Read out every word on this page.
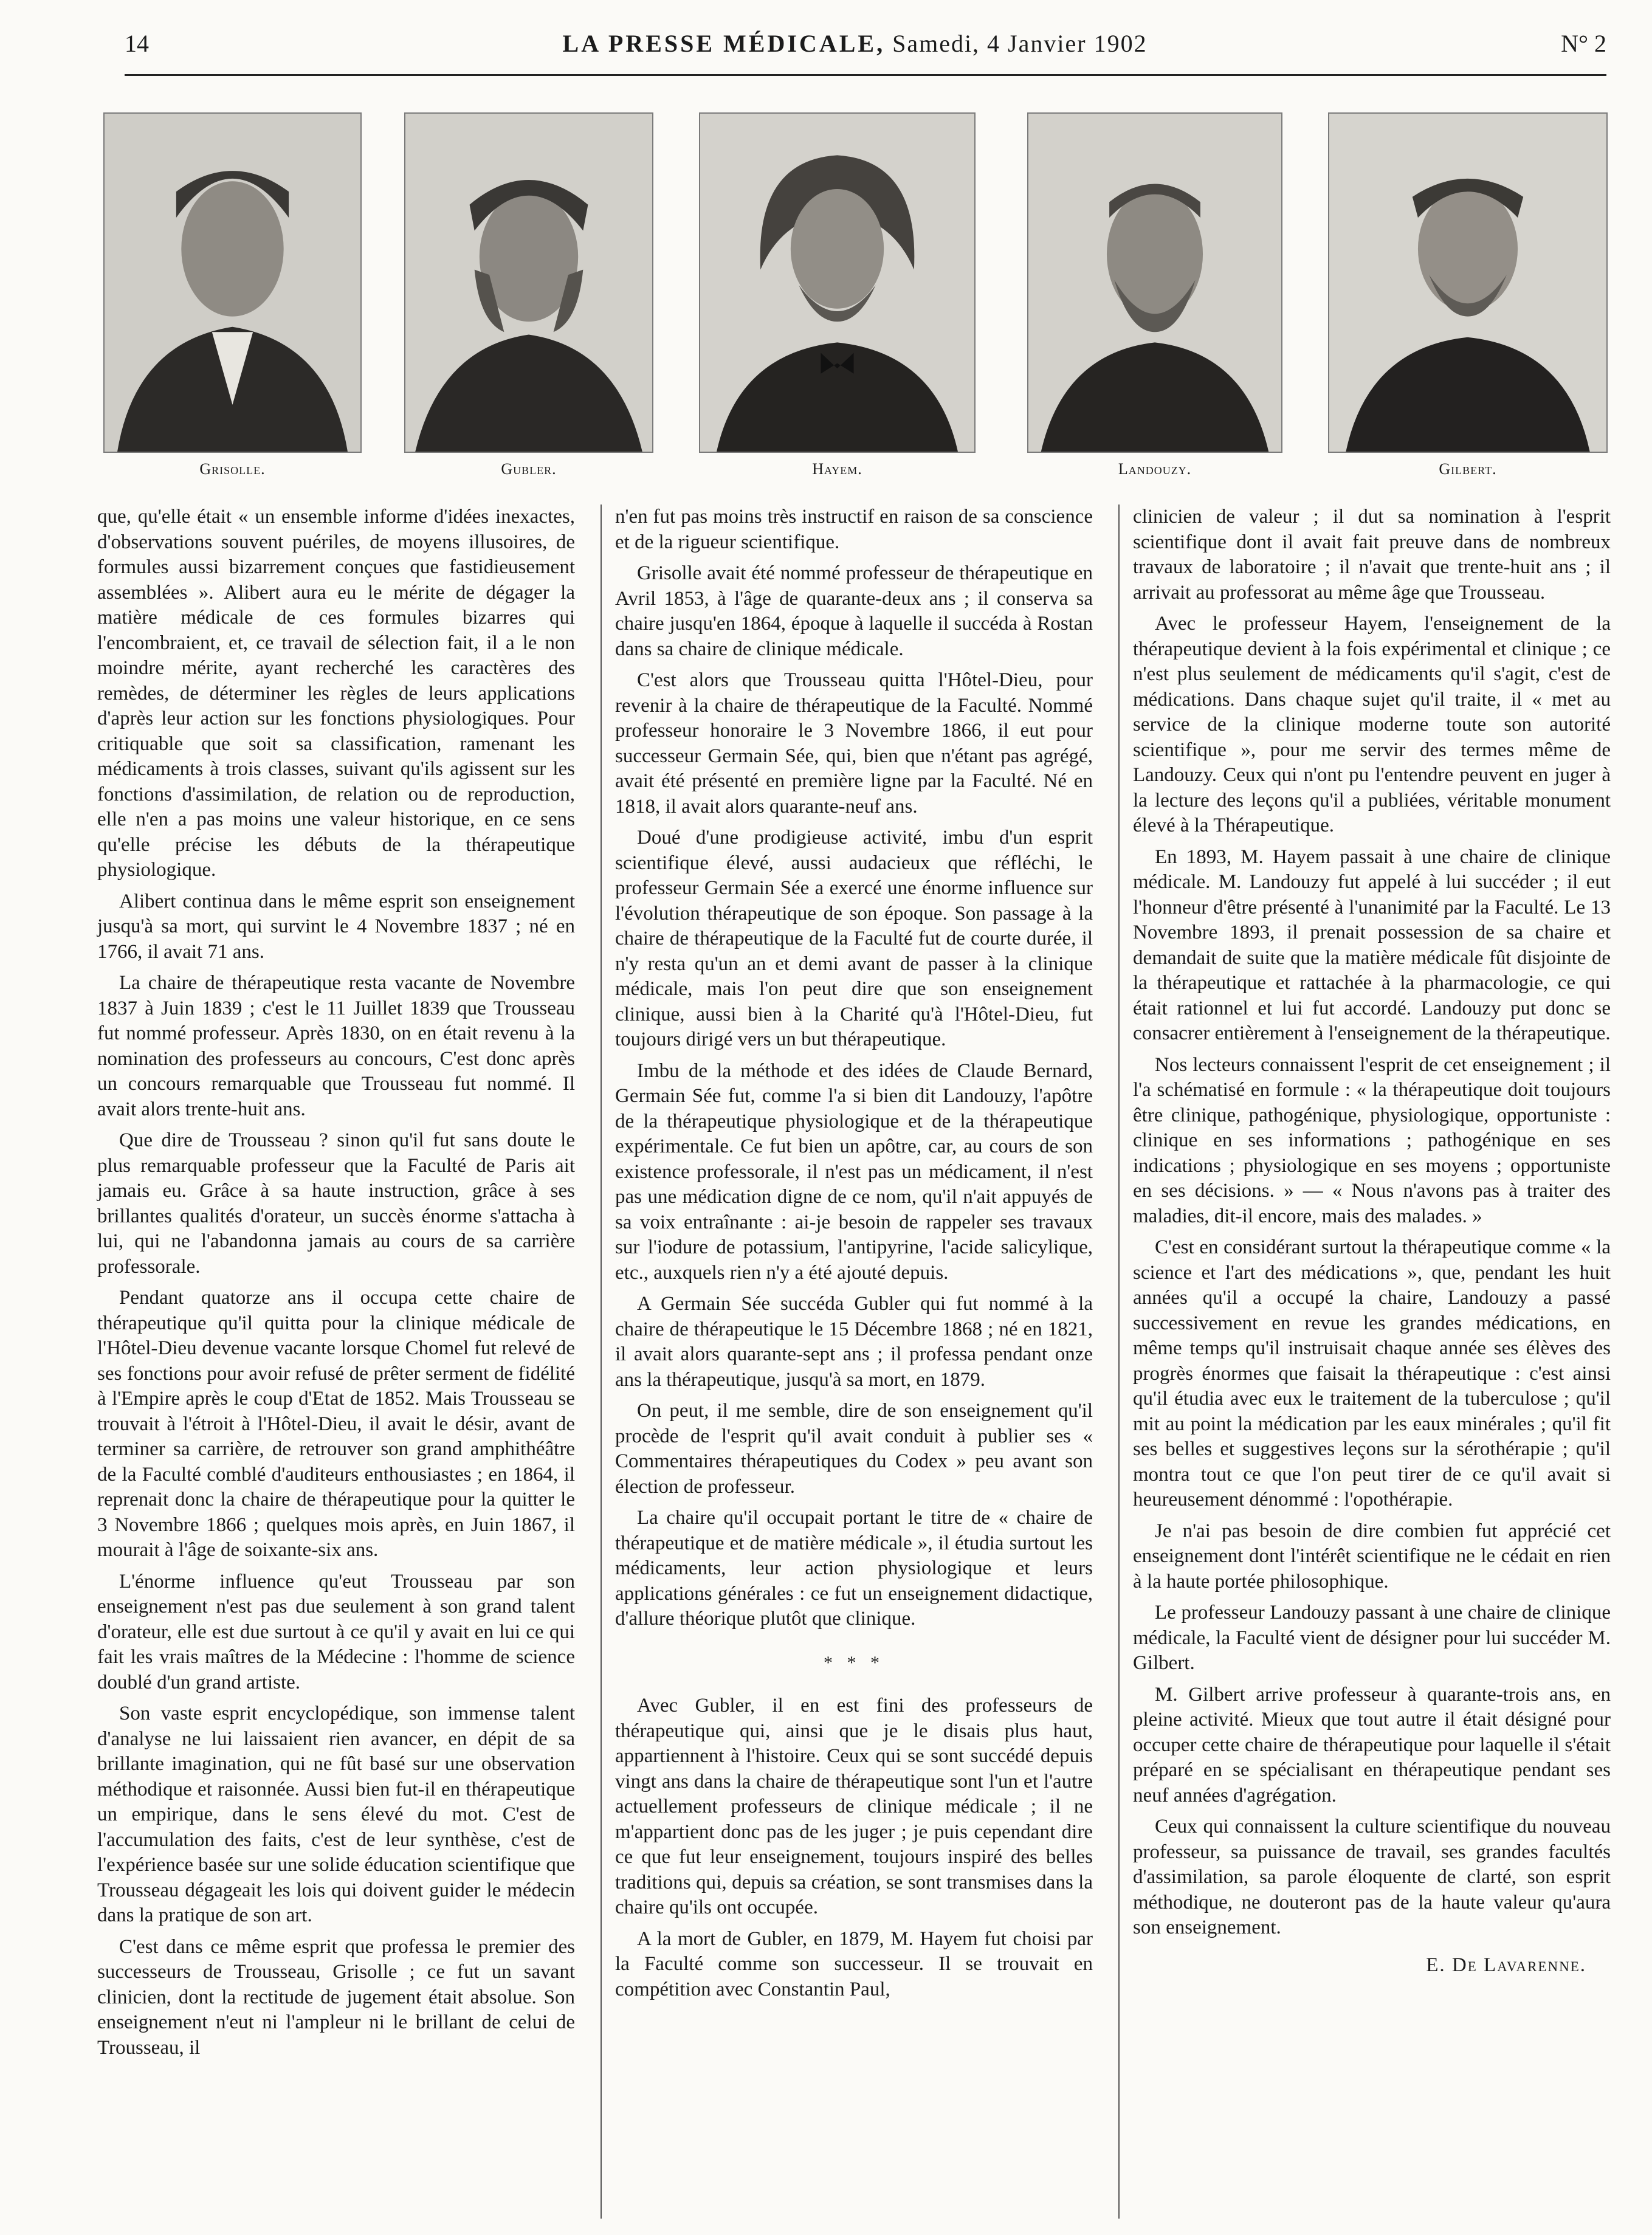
14	LA PRESSE MÉDICALE, Samedi, 4 Janvier 1902	N° 2
Grisolle.	Gubler.	Hayem.	Landouzy.	Gilbert.

que, qu'elle était « un ensemble informe d'idées inexactes, d'observations souvent puériles, de moyens illusoires, de formules aussi bizarrement conçues que fastidieusement assemblées ». Alibert aura eu le mérite de dégager la matière médicale de ces formules bizarres qui l'encombraient, et, ce travail de sélection fait, il a le non moindre mérite, ayant recherché les caractères des remèdes, de déterminer les règles de leurs applications d'après leur action sur les fonctions physiologiques. Pour critiquable que soit sa classification, ramenant les médicaments à trois classes, suivant qu'ils agissent sur les fonctions d'assimilation, de relation ou de reproduction, elle n'en a pas moins une valeur historique, en ce sens qu'elle précise les débuts de la thérapeutique physiologique.

Alibert continua dans le même esprit son enseignement jusqu'à sa mort, qui survint le 4 Novembre 1837 ; né en 1766, il avait 71 ans.

La chaire de thérapeutique resta vacante de Novembre 1837 à Juin 1839 ; c'est le 11 Juillet 1839 que Trousseau fut nommé professeur. Après 1830, on en était revenu à la nomination des professeurs au concours, C'est donc après un concours remarquable que Trousseau fut nommé. Il avait alors trente-huit ans.

Que dire de Trousseau ? sinon qu'il fut sans doute le plus remarquable professeur que la Faculté de Paris ait jamais eu. Grâce à sa haute instruction, grâce à ses brillantes qualités d'orateur, un succès énorme s'attacha à lui, qui ne l'abandonna jamais au cours de sa carrière professorale.

Pendant quatorze ans il occupa cette chaire de thérapeutique qu'il quitta pour la clinique médicale de l'Hôtel-Dieu devenue vacante lorsque Chomel fut relevé de ses fonctions pour avoir refusé de prêter serment de fidélité à l'Empire après le coup d'Etat de 1852. Mais Trousseau se trouvait à l'étroit à l'Hôtel-Dieu, il avait le désir, avant de terminer sa carrière, de retrouver son grand amphithéâtre de la Faculté comblé d'auditeurs enthousiastes ; en 1864, il reprenait donc la chaire de thérapeutique pour la quitter le 3 Novembre 1866 ; quelques mois après, en Juin 1867, il mourait à l'âge de soixante-six ans.

L'énorme influence qu'eut Trousseau par son enseignement n'est pas due seulement à son grand talent d'orateur, elle est due surtout à ce qu'il y avait en lui ce qui fait les vrais maîtres de la Médecine : l'homme de science doublé d'un grand artiste.

Son vaste esprit encyclopédique, son immense talent d'analyse ne lui laissaient rien avancer, en dépit de sa brillante imagination, qui ne fût basé sur une observation méthodique et raisonnée. Aussi bien fut-il en thérapeutique un empirique, dans le sens élevé du mot. C'est de l'accumulation des faits, c'est de leur synthèse, c'est de l'expérience basée sur une solide éducation scientifique que Trousseau dégageait les lois qui doivent guider le médecin dans la pratique de son art.

C'est dans ce même esprit que professa le premier des successeurs de Trousseau, Grisolle ; ce fut un savant clinicien, dont la rectitude de jugement était absolue. Son enseignement n'eut ni l'ampleur ni le brillant de celui de Trousseau, il

n'en fut pas moins très instructif en raison de sa conscience et de la rigueur scientifique.

Grisolle avait été nommé professeur de thérapeutique en Avril 1853, à l'âge de quarante-deux ans ; il conserva sa chaire jusqu'en 1864, époque à laquelle il succéda à Rostan dans sa chaire de clinique médicale.

C'est alors que Trousseau quitta l'Hôtel-Dieu, pour revenir à la chaire de thérapeutique de la Faculté. Nommé professeur honoraire le 3 Novembre 1866, il eut pour successeur Germain Sée, qui, bien que n'étant pas agrégé, avait été présenté en première ligne par la Faculté. Né en 1818, il avait alors quarante-neuf ans.

Doué d'une prodigieuse activité, imbu d'un esprit scientifique élevé, aussi audacieux que réfléchi, le professeur Germain Sée a exercé une énorme influence sur l'évolution thérapeutique de son époque. Son passage à la chaire de thérapeutique de la Faculté fut de courte durée, il n'y resta qu'un an et demi avant de passer à la clinique médicale, mais l'on peut dire que son enseignement clinique, aussi bien à la Charité qu'à l'Hôtel-Dieu, fut toujours dirigé vers un but thérapeutique.

Imbu de la méthode et des idées de Claude Bernard, Germain Sée fut, comme l'a si bien dit Landouzy, l'apôtre de la thérapeutique physiologique et de la thérapeutique expérimentale. Ce fut bien un apôtre, car, au cours de son existence professorale, il n'est pas un médicament, il n'est pas une médication digne de ce nom, qu'il n'ait appuyés de sa voix entraînante : ai-je besoin de rappeler ses travaux sur l'iodure de potassium, l'antipyrine, l'acide salicylique, etc., auxquels rien n'y a été ajouté depuis.

A Germain Sée succéda Gubler qui fut nommé à la chaire de thérapeutique le 15 Décembre 1868 ; né en 1821, il avait alors quarante-sept ans ; il professa pendant onze ans la thérapeutique, jusqu'à sa mort, en 1879.

On peut, il me semble, dire de son enseignement qu'il procède de l'esprit qu'il avait conduit à publier ses « Commentaires thérapeutiques du Codex » peu avant son élection de professeur.

La chaire qu'il occupait portant le titre de « chaire de thérapeutique et de matière médicale », il étudia surtout les médicaments, leur action physiologique et leurs applications générales : ce fut un enseignement didactique, d'allure théorique plutôt que clinique.

* * *

Avec Gubler, il en est fini des professeurs de thérapeutique qui, ainsi que je le disais plus haut, appartiennent à l'histoire. Ceux qui se sont succédé depuis vingt ans dans la chaire de thérapeutique sont l'un et l'autre actuellement professeurs de clinique médicale ; il ne m'appartient donc pas de les juger ; je puis cependant dire ce que fut leur enseignement, toujours inspiré des belles traditions qui, depuis sa création, se sont transmises dans la chaire qu'ils ont occupée.

A la mort de Gubler, en 1879, M. Hayem fut choisi par la Faculté comme son successeur. Il se trouvait en compétition avec Constantin Paul,

clinicien de valeur ; il dut sa nomination à l'esprit scientifique dont il avait fait preuve dans de nombreux travaux de laboratoire ; il n'avait que trente-huit ans ; il arrivait au professorat au même âge que Trousseau.

Avec le professeur Hayem, l'enseignement de la thérapeutique devient à la fois expérimental et clinique ; ce n'est plus seulement de médicaments qu'il s'agit, c'est de médications. Dans chaque sujet qu'il traite, il « met au service de la clinique moderne toute son autorité scientifique », pour me servir des termes même de Landouzy. Ceux qui n'ont pu l'entendre peuvent en juger à la lecture des leçons qu'il a publiées, véritable monument élevé à la Thérapeutique.

En 1893, M. Hayem passait à une chaire de clinique médicale. M. Landouzy fut appelé à lui succéder ; il eut l'honneur d'être présenté à l'unanimité par la Faculté. Le 13 Novembre 1893, il prenait possession de sa chaire et demandait de suite que la matière médicale fût disjointe de la thérapeutique et rattachée à la pharmacologie, ce qui était rationnel et lui fut accordé. Landouzy put donc se consacrer entièrement à l'enseignement de la thérapeutique.

Nos lecteurs connaissent l'esprit de cet enseignement ; il l'a schématisé en formule : « la thérapeutique doit toujours être clinique, pathogénique, physiologique, opportuniste : clinique en ses informations ; pathogénique en ses indications ; physiologique en ses moyens ; opportuniste en ses décisions. » — « Nous n'avons pas à traiter des maladies, dit-il encore, mais des malades. »

C'est en considérant surtout la thérapeutique comme « la science et l'art des médications », que, pendant les huit années qu'il a occupé la chaire, Landouzy a passé successivement en revue les grandes médications, en même temps qu'il instruisait chaque année ses élèves des progrès énormes que faisait la thérapeutique : c'est ainsi qu'il étudia avec eux le traitement de la tuberculose ; qu'il mit au point la médication par les eaux minérales ; qu'il fit ses belles et suggestives leçons sur la sérothérapie ; qu'il montra tout ce que l'on peut tirer de ce qu'il avait si heureusement dénommé : l'opothérapie.

Je n'ai pas besoin de dire combien fut apprécié cet enseignement dont l'intérêt scientifique ne le cédait en rien à la haute portée philosophique.

Le professeur Landouzy passant à une chaire de clinique médicale, la Faculté vient de désigner pour lui succéder M. Gilbert.

M. Gilbert arrive professeur à quarante-trois ans, en pleine activité. Mieux que tout autre il était désigné pour occuper cette chaire de thérapeutique pour laquelle il s'était préparé en se spécialisant en thérapeutique pendant ses neuf années d'agrégation.

Ceux qui connaissent la culture scientifique du nouveau professeur, sa puissance de travail, ses grandes facultés d'assimilation, sa parole éloquente de clarté, son esprit méthodique, ne douteront pas de la haute valeur qu'aura son enseignement.

E. De Lavarenne.
